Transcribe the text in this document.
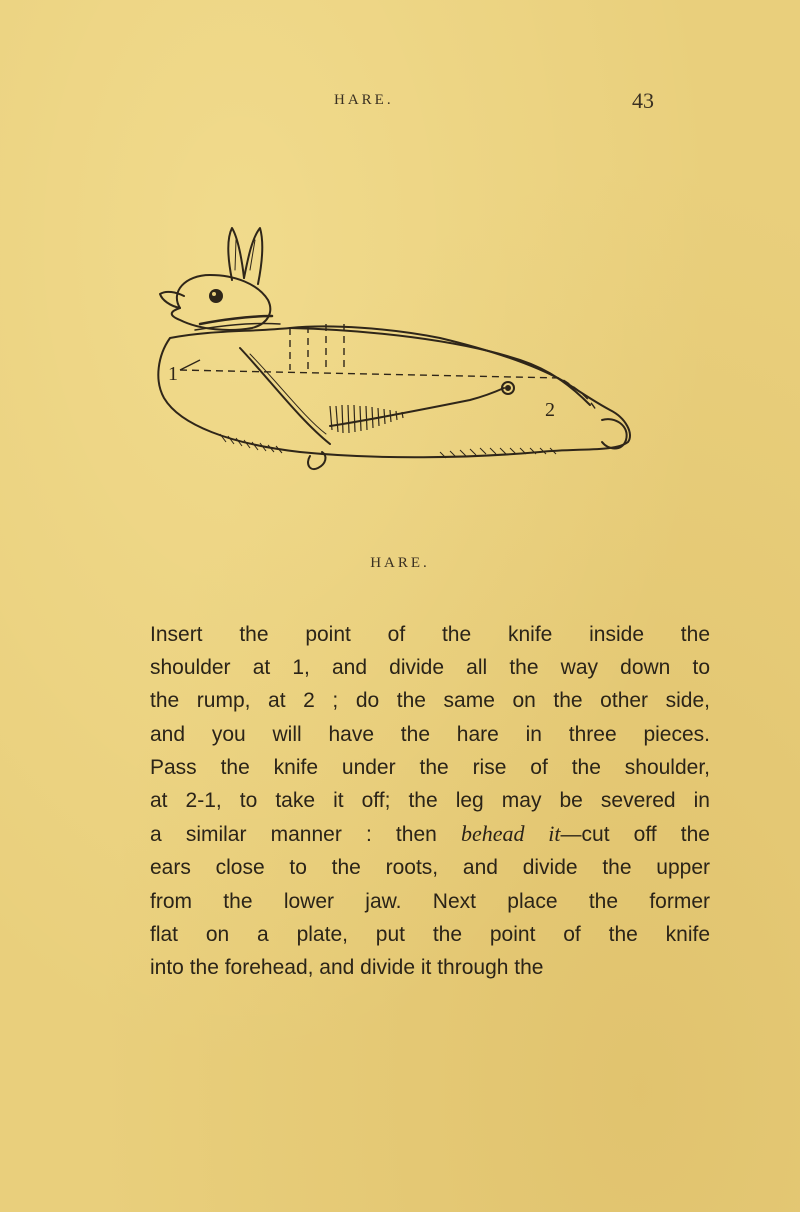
HARE.	43
1
2
HARE.
Insert the point of the knife inside the
shoulder at 1, and divide all the way down to
the rump, at 2 ; do the same on the other side,
and you will have the hare in three pieces.
Pass the knife under the rise of the shoulder,
at 2-1, to take it off; the leg may be severed in
a similar manner : then behead it—cut off the
ears close to the roots, and divide the upper
from the lower jaw. Next place the former
flat on a plate, put the point of the knife
into the forehead, and divide it through the
